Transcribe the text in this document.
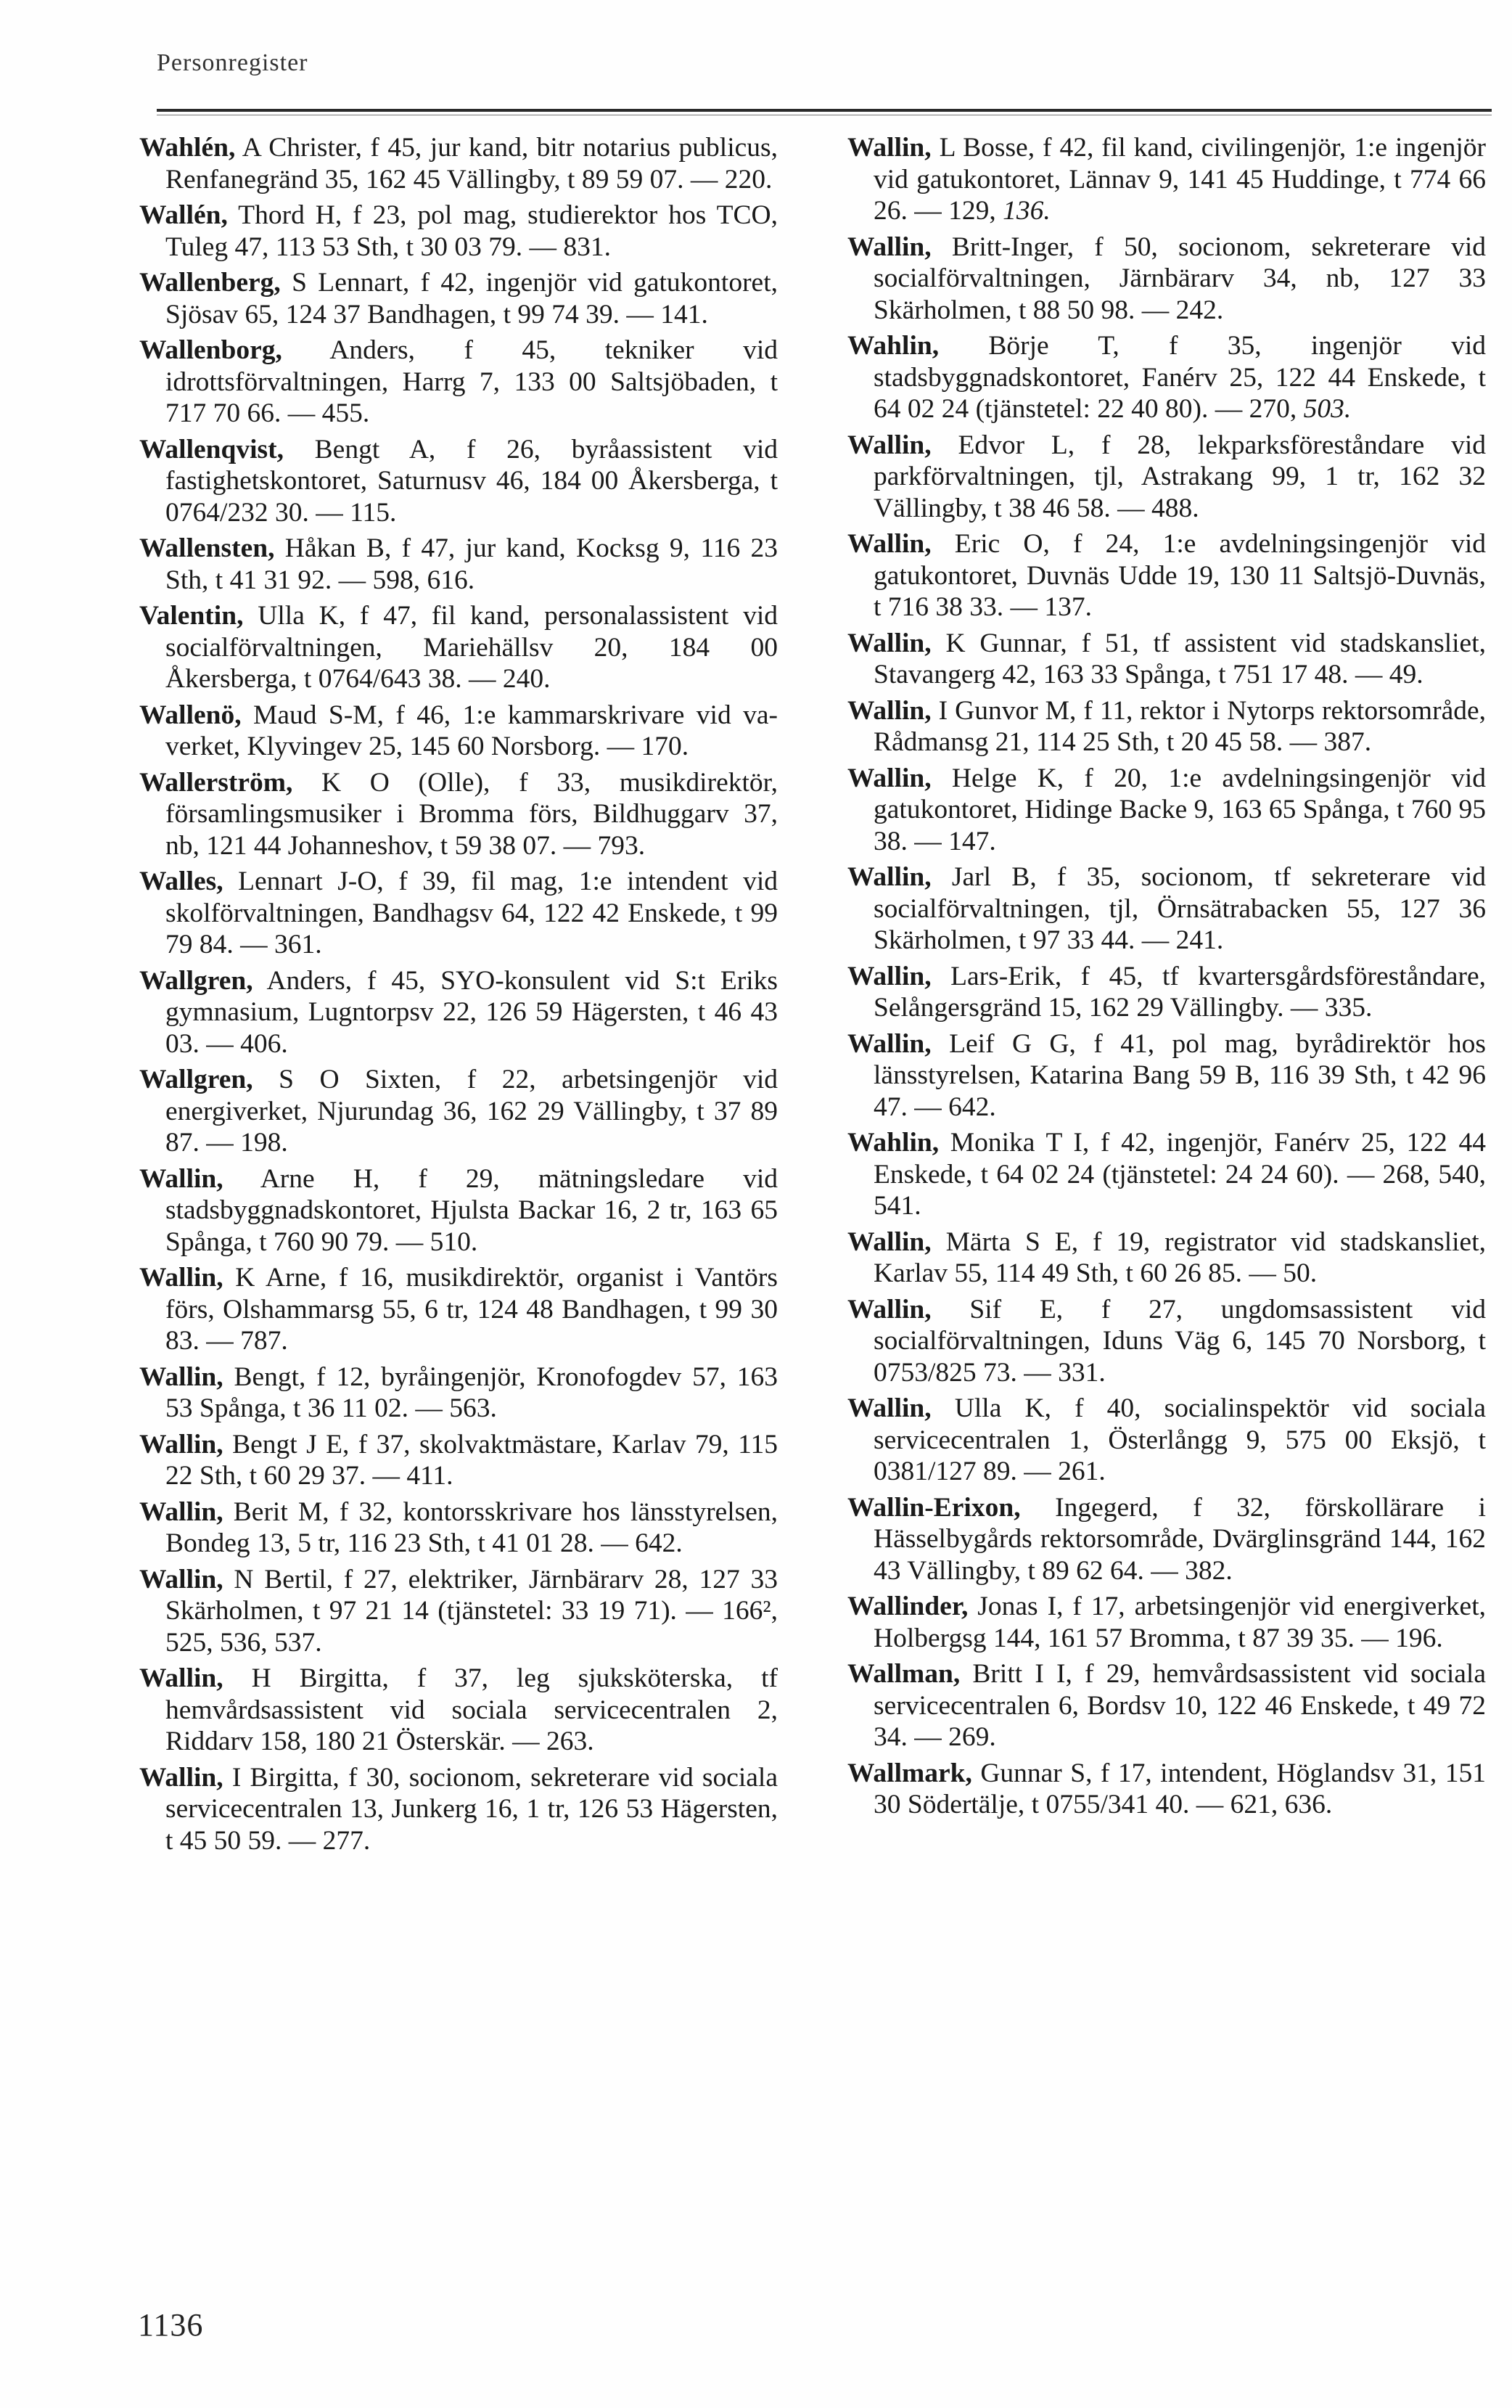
Personregister

Wahlén, A Christer, f 45, jur kand, bitr notarius publicus, Renfanegränd 35, 162 45 Vällingby, t 89 59 07. — 220.

Wallén, Thord H, f 23, pol mag, studierektor hos TCO, Tuleg 47, 113 53 Sth, t 30 03 79. — 831.

Wallenberg, S Lennart, f 42, ingenjör vid gatukontoret, Sjösav 65, 124 37 Bandhagen, t 99 74 39. — 141.

Wallenborg, Anders, f 45, tekniker vid idrottsförvaltningen, Harrg 7, 133 00 Saltsjöbaden, t 717 70 66. — 455.

Wallenqvist, Bengt A, f 26, byråassistent vid fastighetskontoret, Saturnusv 46, 184 00 Åkersberga, t 0764/232 30. — 115.

Wallensten, Håkan B, f 47, jur kand, Kocksg 9, 116 23 Sth, t 41 31 92. — 598, 616.

Valentin, Ulla K, f 47, fil kand, personalassistent vid socialförvaltningen, Mariehällsv 20, 184 00 Åkersberga, t 0764/643 38. — 240.

Wallenö, Maud S-M, f 46, 1:e kammarskrivare vid va-verket, Klyvingev 25, 145 60 Norsborg. — 170.

Wallerström, K O (Olle), f 33, musikdirektör, församlingsmusiker i Bromma förs, Bildhuggarv 37, nb, 121 44 Johanneshov, t 59 38 07. — 793.

Walles, Lennart J-O, f 39, fil mag, 1:e intendent vid skolförvaltningen, Bandhagsv 64, 122 42 Enskede, t 99 79 84. — 361.

Wallgren, Anders, f 45, SYO-konsulent vid S:t Eriks gymnasium, Lugntorpsv 22, 126 59 Hägersten, t 46 43 03. — 406.

Wallgren, S O Sixten, f 22, arbetsingenjör vid energiverket, Njurundag 36, 162 29 Vällingby, t 37 89 87. — 198.

Wallin, Arne H, f 29, mätningsledare vid stadsbyggnadskontoret, Hjulsta Backar 16, 2 tr, 163 65 Spånga, t 760 90 79. — 510.

Wallin, K Arne, f 16, musikdirektör, organist i Vantörs förs, Olshammarsg 55, 6 tr, 124 48 Bandhagen, t 99 30 83. — 787.

Wallin, Bengt, f 12, byråingenjör, Kronofogdev 57, 163 53 Spånga, t 36 11 02. — 563.

Wallin, Bengt J E, f 37, skolvaktmästare, Karlav 79, 115 22 Sth, t 60 29 37. — 411.

Wallin, Berit M, f 32, kontorsskrivare hos länsstyrelsen, Bondeg 13, 5 tr, 116 23 Sth, t 41 01 28. — 642.

Wallin, N Bertil, f 27, elektriker, Järnbärarv 28, 127 33 Skärholmen, t 97 21 14 (tjänstetel: 33 19 71). — 166², 525, 536, 537.

Wallin, H Birgitta, f 37, leg sjuksköterska, tf hemvårdsassistent vid sociala servicecentralen 2, Riddarv 158, 180 21 Österskär. — 263.

Wallin, I Birgitta, f 30, socionom, sekreterare vid sociala servicecentralen 13, Junkerg 16, 1 tr, 126 53 Hägersten, t 45 50 59. — 277.

Wallin, L Bosse, f 42, fil kand, civilingenjör, 1:e ingenjör vid gatukontoret, Lännav 9, 141 45 Huddinge, t 774 66 26. — 129, 136.

Wallin, Britt-Inger, f 50, socionom, sekreterare vid socialförvaltningen, Järnbärarv 34, nb, 127 33 Skärholmen, t 88 50 98. — 242.

Wahlin, Börje T, f 35, ingenjör vid stadsbyggnadskontoret, Fanérv 25, 122 44 Enskede, t 64 02 24 (tjänstetel: 22 40 80). — 270, 503.

Wallin, Edvor L, f 28, lekparksföreståndare vid parkförvaltningen, tjl, Astrakang 99, 1 tr, 162 32 Vällingby, t 38 46 58. — 488.

Wallin, Eric O, f 24, 1:e avdelningsingenjör vid gatukontoret, Duvnäs Udde 19, 130 11 Saltsjö-Duvnäs, t 716 38 33. — 137.

Wallin, K Gunnar, f 51, tf assistent vid stadskansliet, Stavangerg 42, 163 33 Spånga, t 751 17 48. — 49.

Wallin, I Gunvor M, f 11, rektor i Nytorps rektorsområde, Rådmansg 21, 114 25 Sth, t 20 45 58. — 387.

Wallin, Helge K, f 20, 1:e avdelningsingenjör vid gatukontoret, Hidinge Backe 9, 163 65 Spånga, t 760 95 38. — 147.

Wallin, Jarl B, f 35, socionom, tf sekreterare vid socialförvaltningen, tjl, Örnsätrabacken 55, 127 36 Skärholmen, t 97 33 44. — 241.

Wallin, Lars-Erik, f 45, tf kvartersgårdsföreståndare, Selångersgränd 15, 162 29 Vällingby. — 335.

Wallin, Leif G G, f 41, pol mag, byrådirektör hos länsstyrelsen, Katarina Bang 59 B, 116 39 Sth, t 42 96 47. — 642.

Wahlin, Monika T I, f 42, ingenjör, Fanérv 25, 122 44 Enskede, t 64 02 24 (tjänstetel: 24 24 60). — 268, 540, 541.

Wallin, Märta S E, f 19, registrator vid stadskansliet, Karlav 55, 114 49 Sth, t 60 26 85. — 50.

Wallin, Sif E, f 27, ungdomsassistent vid socialförvaltningen, Iduns Väg 6, 145 70 Norsborg, t 0753/825 73. — 331.

Wallin, Ulla K, f 40, socialinspektör vid sociala servicecentralen 1, Österlångg 9, 575 00 Eksjö, t 0381/127 89. — 261.

Wallin-Erixon, Ingegerd, f 32, förskollärare i Hässelbygårds rektorsområde, Dvärglinsgränd 144, 162 43 Vällingby, t 89 62 64. — 382.

Wallinder, Jonas I, f 17, arbetsingenjör vid energiverket, Holbergsg 144, 161 57 Bromma, t 87 39 35. — 196.

Wallman, Britt I I, f 29, hemvårdsassistent vid sociala servicecentralen 6, Bordsv 10, 122 46 Enskede, t 49 72 34. — 269.

Wallmark, Gunnar S, f 17, intendent, Höglandsv 31, 151 30 Södertälje, t 0755/341 40. — 621, 636.

1136
